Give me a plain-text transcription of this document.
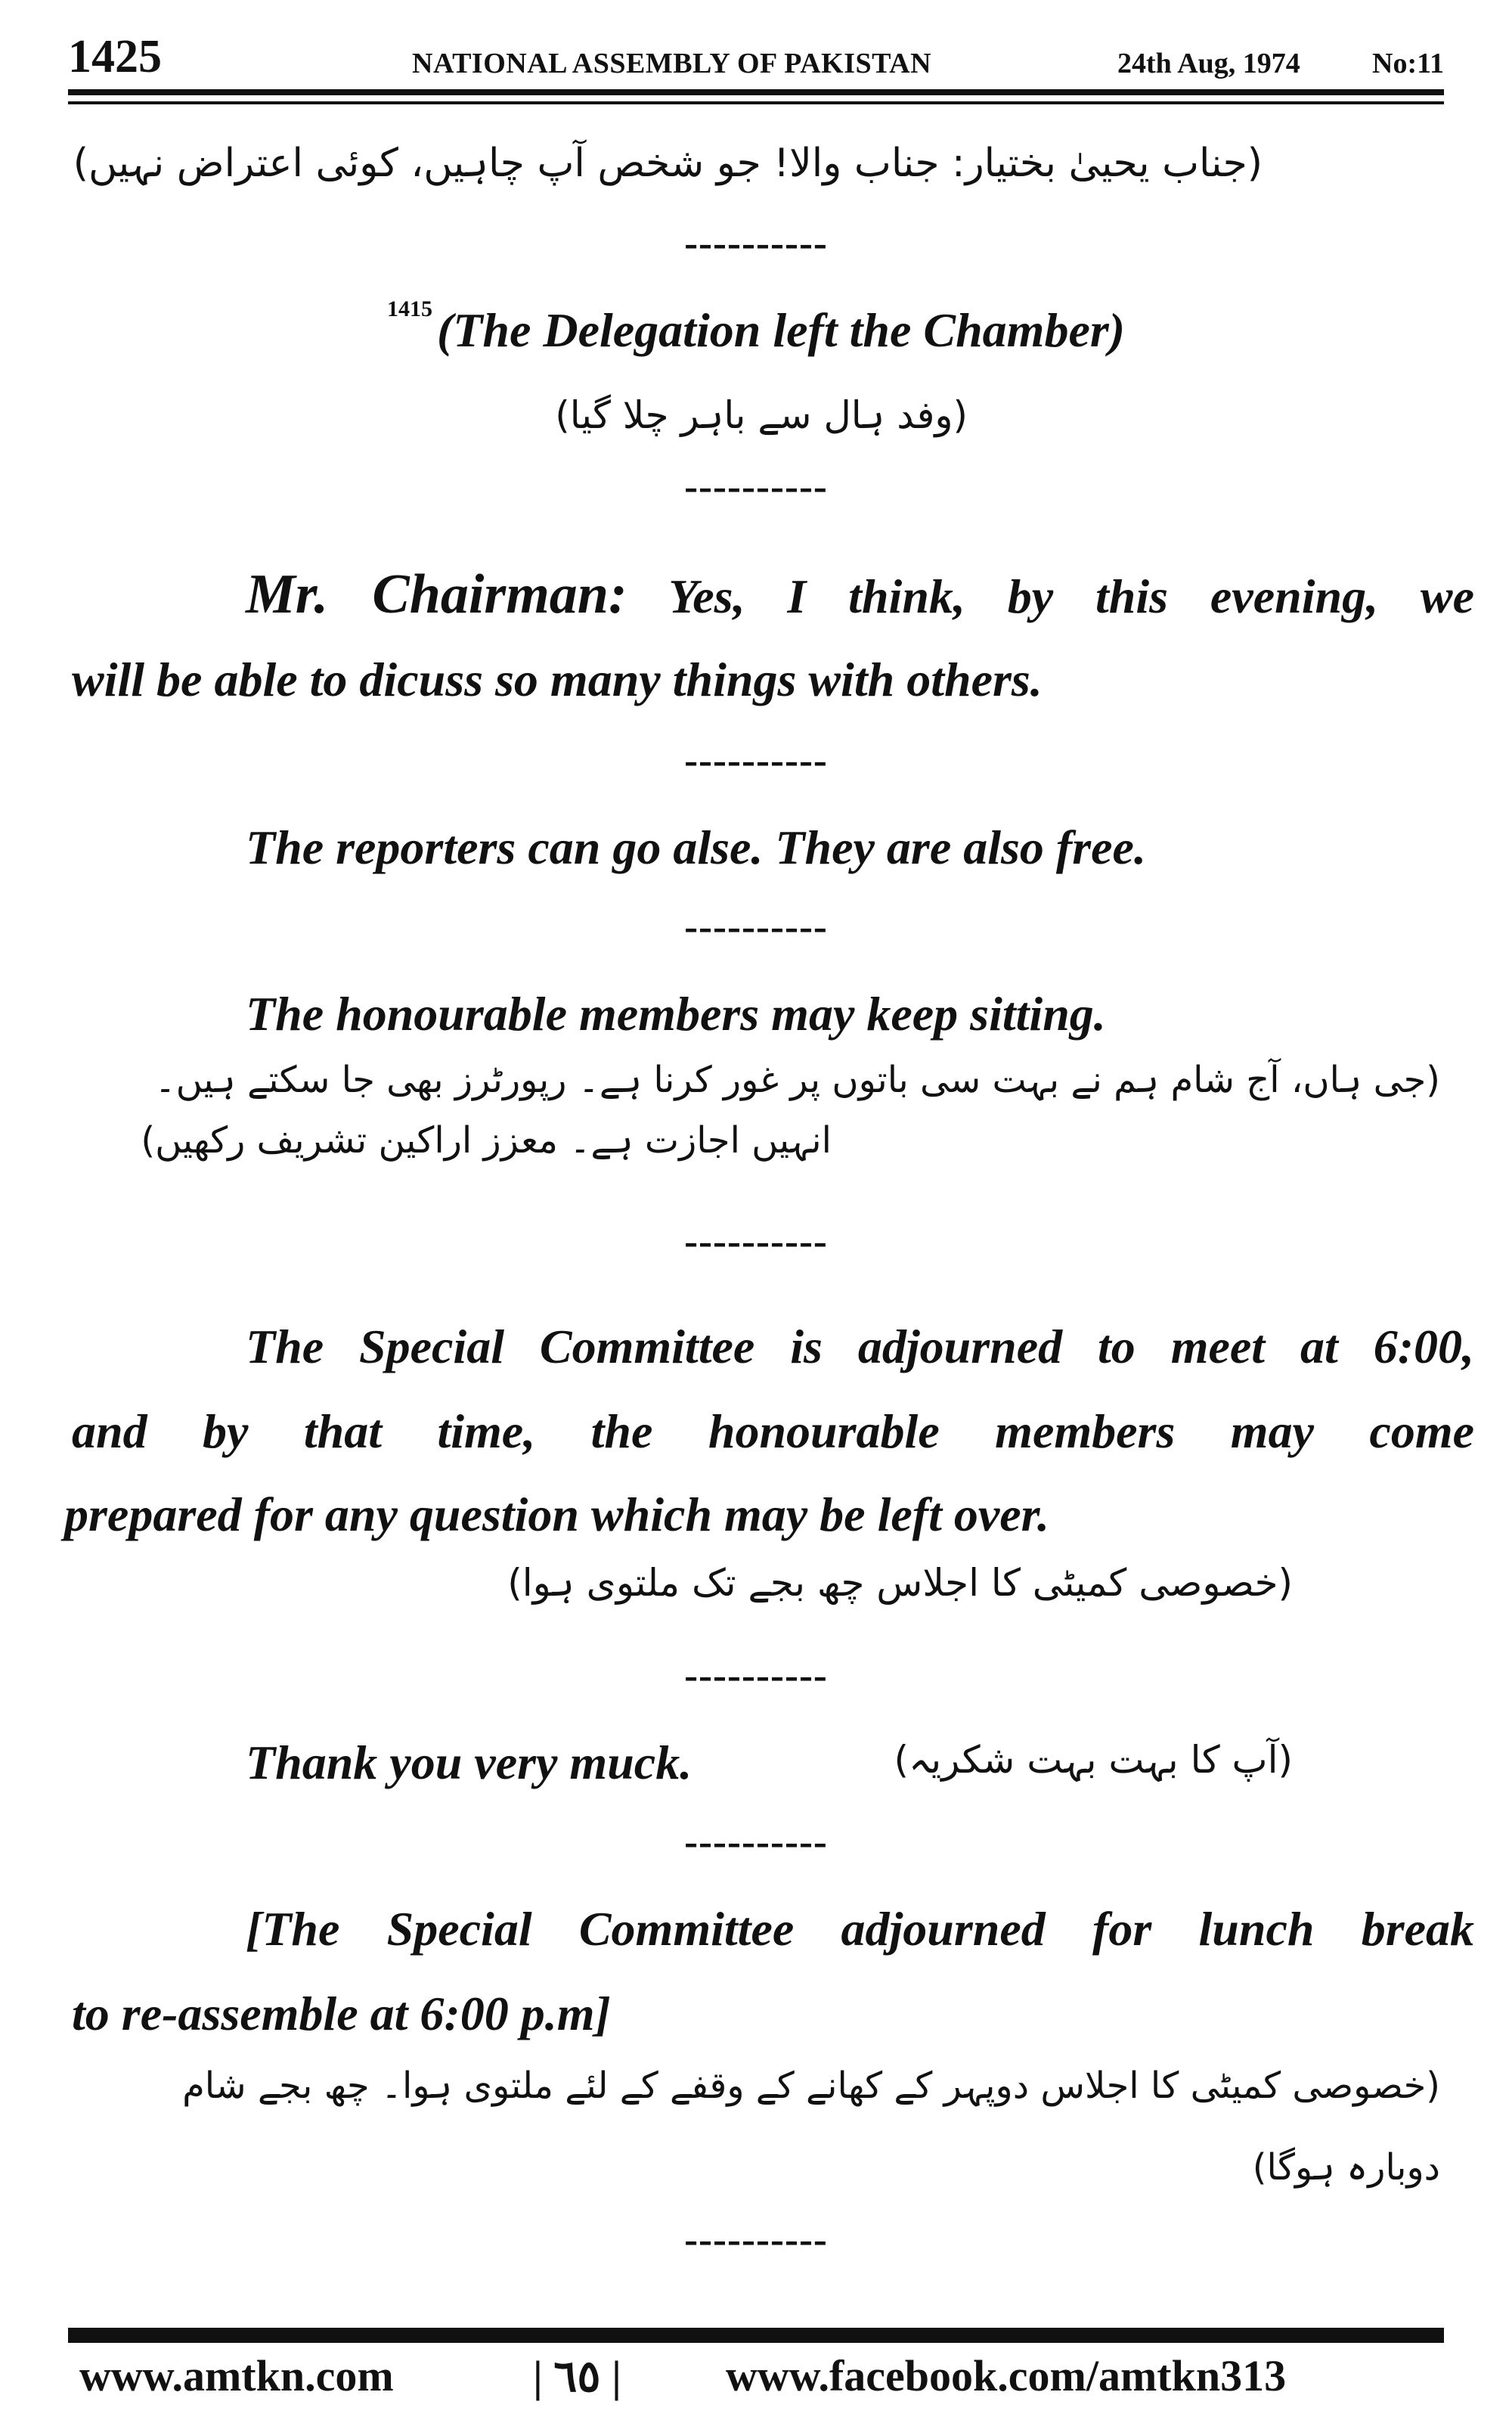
1425	NATIONAL ASSEMBLY OF PAKISTAN	24th Aug, 1974	No:11
(جناب یحییٰ بختیار: جناب والا! جو شخص آپ چاہیں، کوئی اعتراض نہیں)
----------
$^{1415}$(The Delegation left the Chamber)
(وفد ہال سے باہر چلا گیا)
----------
Mr. Chairman: Yes, I think, by this evening, we
will be able to dicuss so many things with others.
----------
The reporters can go alse. They are also free.
----------
The honourable members may keep sitting.
(جی ہاں، آج شام ہم نے بہت سی باتوں پر غور کرنا ہے۔ رپورٹرز بھی جا سکتے ہیں۔
انہیں اجازت ہے۔ معزز اراکین تشریف رکھیں)
----------
The Special Committee is adjourned to meet at 6:00,
and by that time, the honourable members may come
prepared for any question which may be left over.
(خصوصی کمیٹی کا اجلاس چھ بجے تک ملتوی ہوا)
----------
Thank you very muck.	(آپ کا بہت بہت شکریہ)
----------
[The Special Committee adjourned for lunch break
to re-assemble at 6:00 p.m]
(خصوصی کمیٹی کا اجلاس دوپہر کے کھانے کے وقفے کے لئے ملتوی ہوا۔ چھ بجے شام
دوبارہ ہوگا)
----------
www.amtkn.com	| ٦٥ | www.facebook.com/amtkn313
